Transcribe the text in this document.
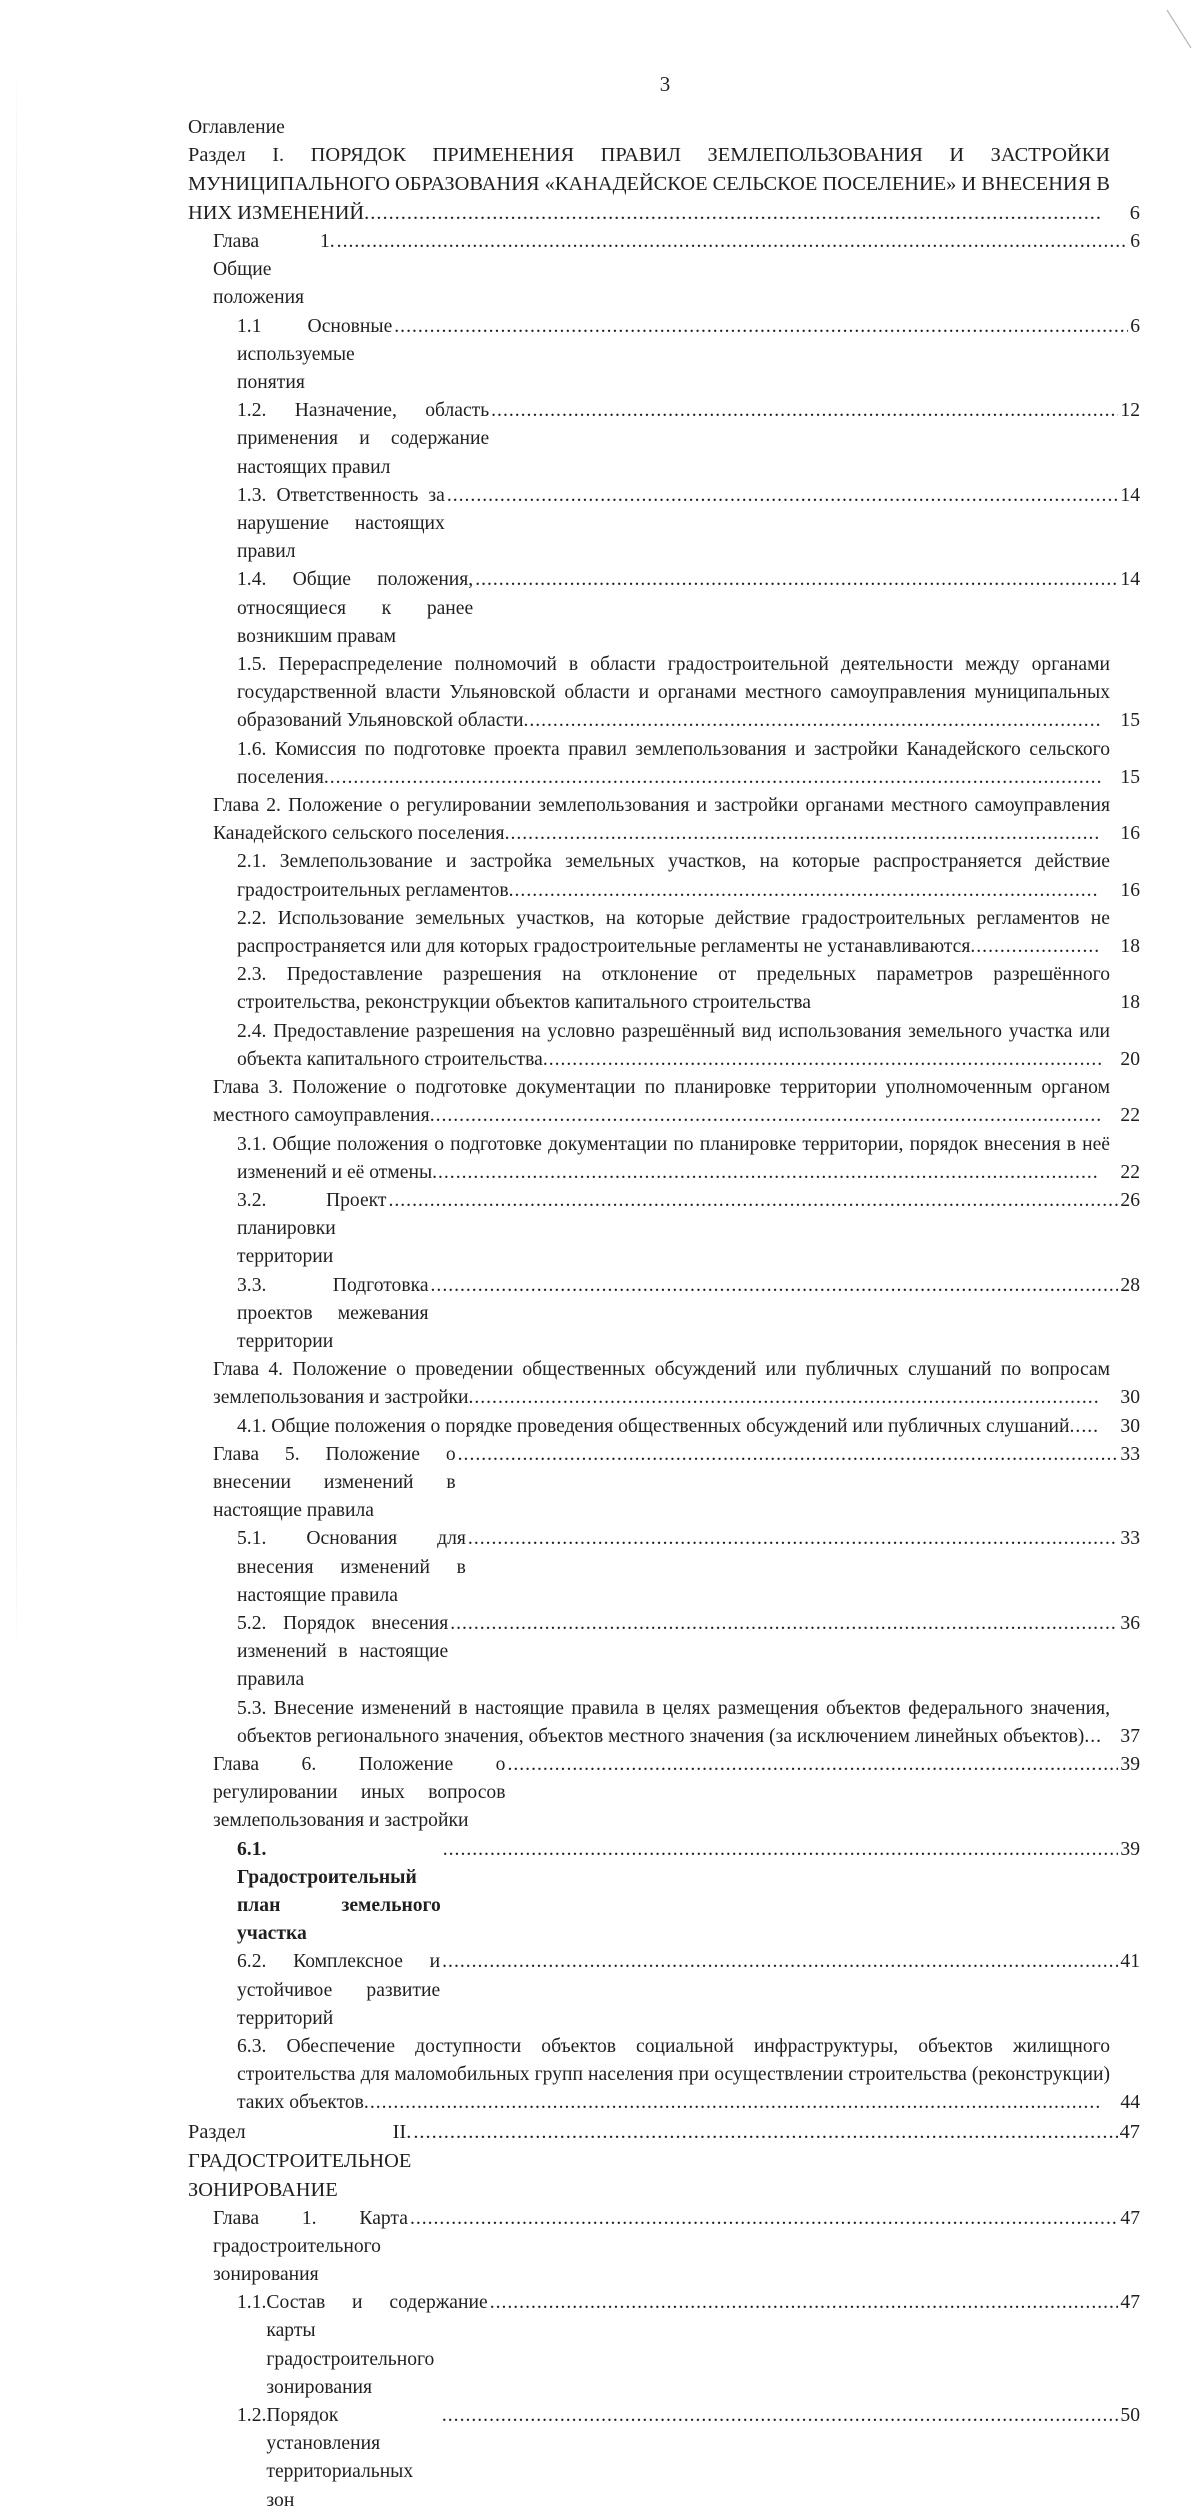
3
Оглавление
Раздел I. ПОРЯДОК ПРИМЕНЕНИЯ ПРАВИЛ ЗЕМЛЕПОЛЬЗОВАНИЯ И ЗАСТРОЙКИ МУНИЦИПАЛЬНОГО ОБРАЗОВАНИЯ «КАНАДЕЙСКОЕ СЕЛЬСКОЕ ПОСЕЛЕНИЕ» И ВНЕСЕНИЯ В НИХ ИЗМЕНЕНИЙ......................................................................................................................... 6
Глава 1. Общие положения
.....
6
1.1 Основные используемые понятия
.....
6
1.2. Назначение, область применения и содержание настоящих правил
.....
12
1.3. Ответственность за нарушение настоящих правил
.....
14
1.4. Общие положения, относящиеся к ранее возникшим правам
.....
14
1.5. Перераспределение полномочий в области градостроительной деятельности между органами государственной власти Ульяновской области и органами местного самоуправления муниципальных образований Ульяновской области.................................................................................................. 15
1.6. Комиссия по подготовке проекта правил землепользования и застройки Канадейского сельского поселения.................................................................................................................................... 15
Глава 2. Положение о регулировании землепользования и застройки органами местного самоуправления Канадейского сельского поселения..................................................................................................... 16
2.1. Землепользование и застройка земельных участков, на которые распространяется действие градостроительных регламентов.................................................................................................... 16
2.2. Использование земельных участков, на которые действие градостроительных регламентов не распространяется или для которых градостроительные регламенты не устанавливаются...................... 18
2.3. Предоставление разрешения на отклонение от предельных параметров разрешённого строительства, реконструкции объектов капитального строительства	18
2.4. Предоставление разрешения на условно разрешённый вид использования земельного участка или объекта капитального строительства............................................................................................... 20
Глава 3. Положение о подготовке документации по планировке территории уполномоченным органом местного самоуправления.................................................................................................................. 22
3.1. Общие положения о подготовке документации по планировке территории, порядок внесения в неё изменений и её отмены................................................................................................................. 22
3.2. Проект планировки территории
.....
26
3.3. Подготовка проектов межевания территории
.....
28
Глава 4. Положение о проведении общественных обсуждений или публичных слушаний по вопросам землепользования и застройки........................................................................................................... 30
4.1. Общие положения о порядке проведения общественных обсуждений или публичных слушаний..... 30
Глава 5. Положение о внесении изменений в настоящие правила
.....
33
5.1. Основания для внесения изменений в настоящие правила
.....
33
5.2. Порядок внесения изменений в настоящие правила
.....
36
5.3. Внесение изменений в настоящие правила в целях размещения объектов федерального значения, объектов регионального значения, объектов местного значения (за исключением линейных объектов)... 37
Глава 6. Положение о регулировании иных вопросов землепользования и застройки
.....
39
6.1. Градостроительный план земельного участка
.....
39
6.2. Комплексное и устойчивое развитие территорий
.....
41
6.3. Обеспечение доступности объектов социальной инфраструктуры, объектов жилищного строительства для маломобильных групп населения при осуществлении строительства (реконструкции) таких объектов............................................................................................................................. 44
Раздел II. ГРАДОСТРОИТЕЛЬНОЕ ЗОНИРОВАНИЕ
.....
47
Глава 1. Карта градостроительного зонирования
.....
47
1.1. Состав и содержание карты градостроительного зонирования
.....
47
1.2. Порядок установления территориальных зон
.....
50
